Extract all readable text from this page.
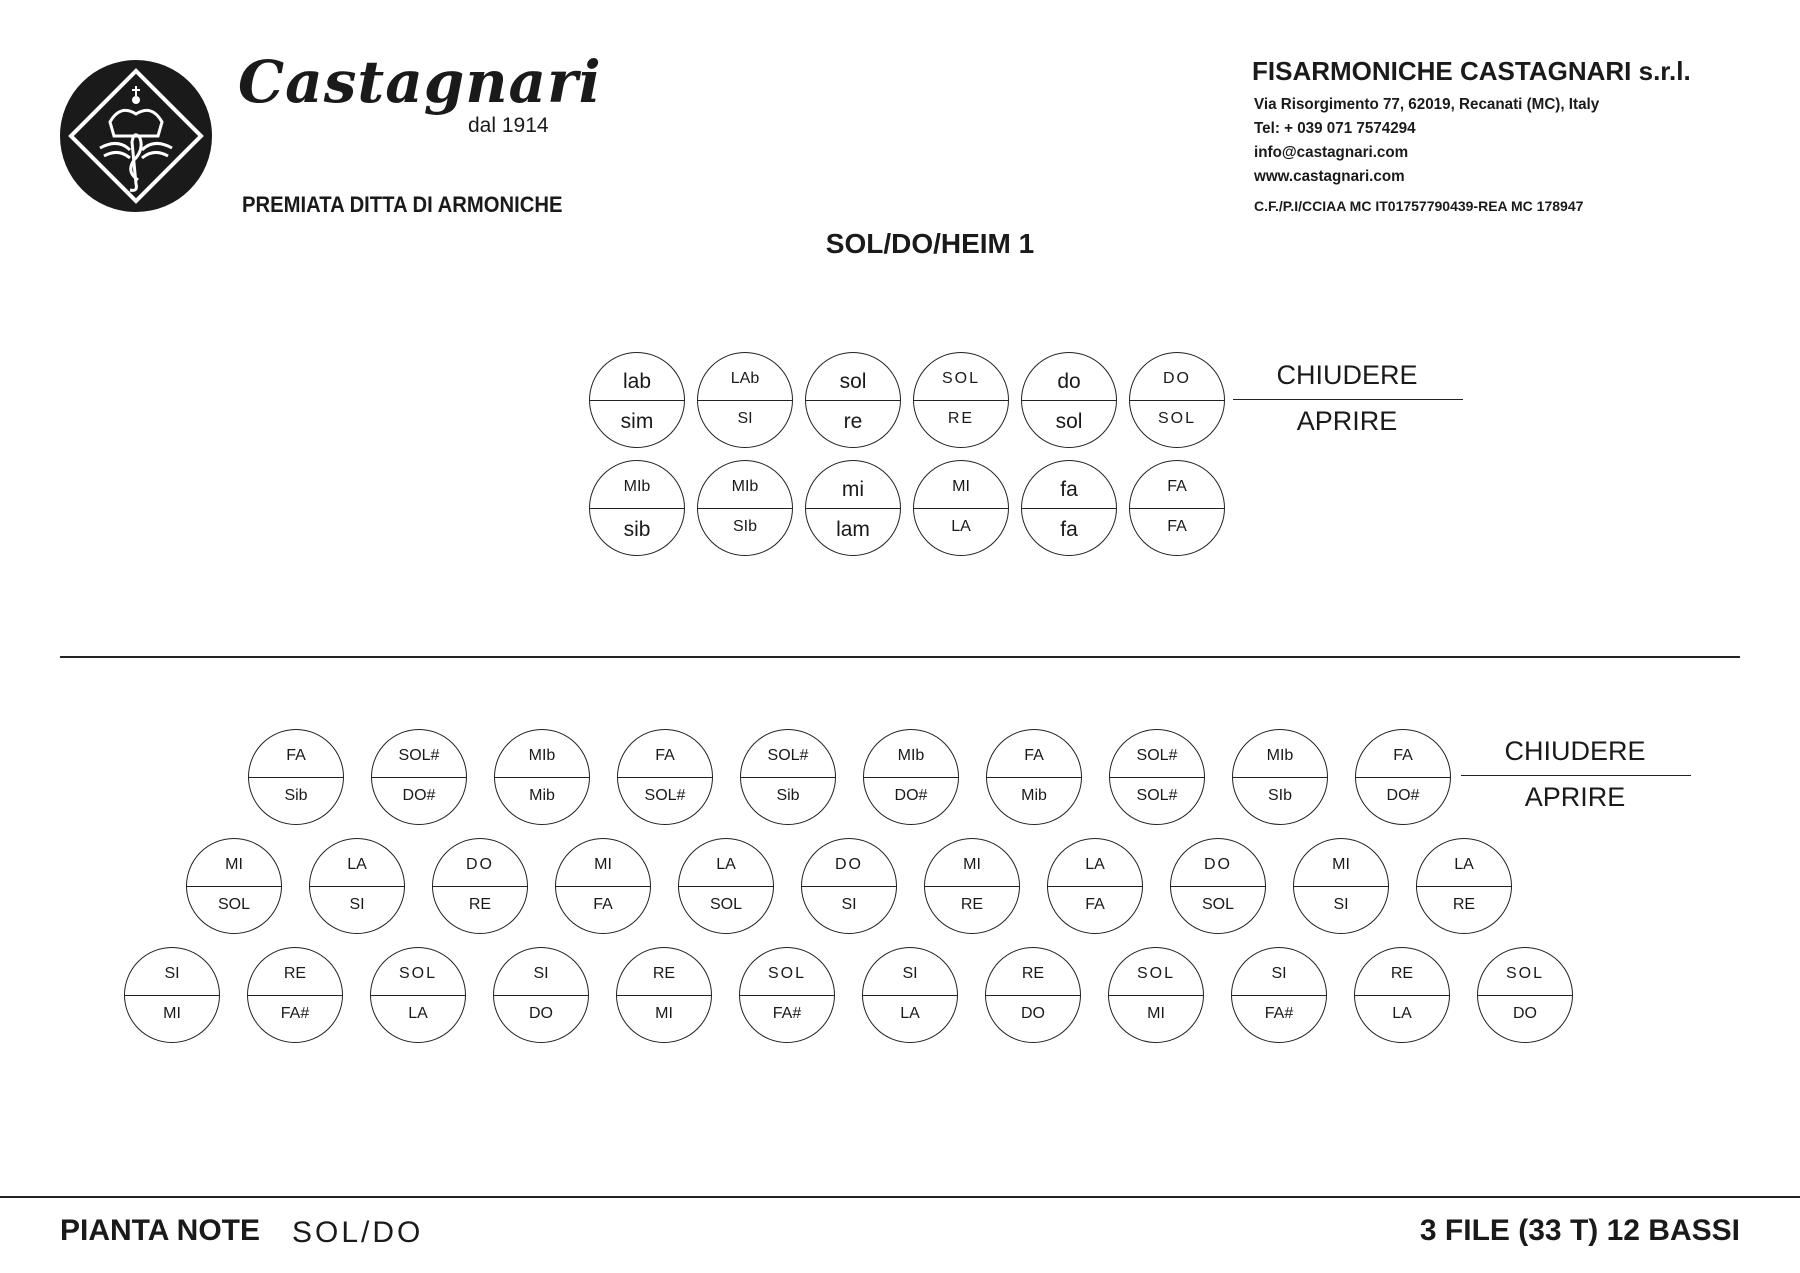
Castagnari
dal 1914
PREMIATA DITTA DI ARMONICHE
FISARMONICHE CASTAGNARI s.r.l.
Via Risorgimento 77, 62019, Recanati (MC), Italy
Tel: + 039 071 7574294
info@castagnari.com
www.castagnari.com
C.F./P.I/CCIAA MC IT01757790439-REA MC 178947
SOL/DO/HEIM 1
lab
sim
LAb
SI
sol
re
SOL
RE
do
sol
DO
SOL
MIb
sib
MIb
SIb
mi
lam
MI
LA
fa
fa
FA
FA
CHIUDERE
APRIRE
FA
Sib
SOL#
DO#
MIb
Mib
FA
SOL#
SOL#
Sib
MIb
DO#
FA
Mib
SOL#
SOL#
MIb
SIb
FA
DO#
MI
SOL
LA
SI
DO
RE
MI
FA
LA
SOL
DO
SI
MI
RE
LA
FA
DO
SOL
MI
SI
LA
RE
SI
MI
RE
FA#
SOL
LA
SI
DO
RE
MI
SOL
FA#
SI
LA
RE
DO
SOL
MI
SI
FA#
RE
LA
SOL
DO
CHIUDERE
APRIRE
PIANTA NOTE SOL/DO	3 FILE (33 T) 12 BASSI
